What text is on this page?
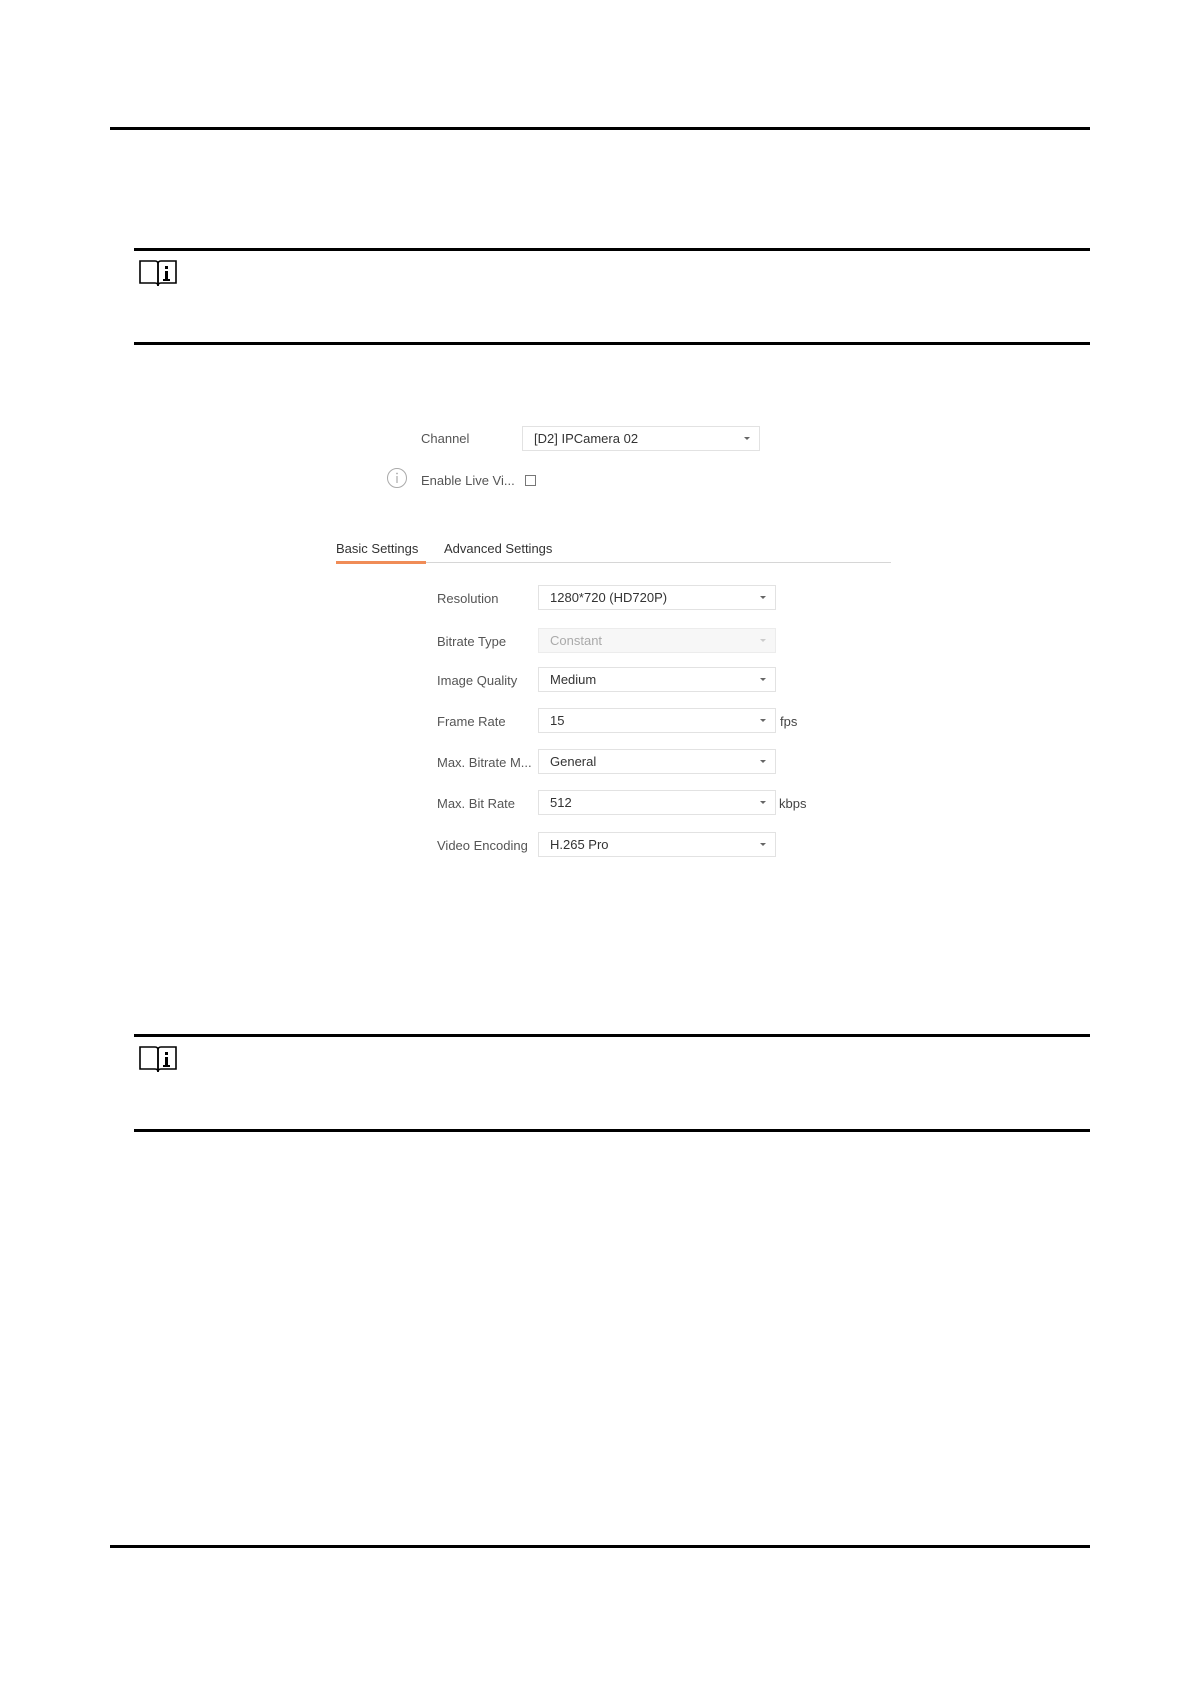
Channel	[D2] IPCamera 02
Enable Live Vi...
Basic Settings Advanced Settings
Resolution	1280*720 (HD720P)
Bitrate Type	Constant
Image Quality	Medium
Frame Rate	15	fps
Max. Bitrate M...	General
Max. Bit Rate	512	kbps
Video Encoding	H.265 Pro
